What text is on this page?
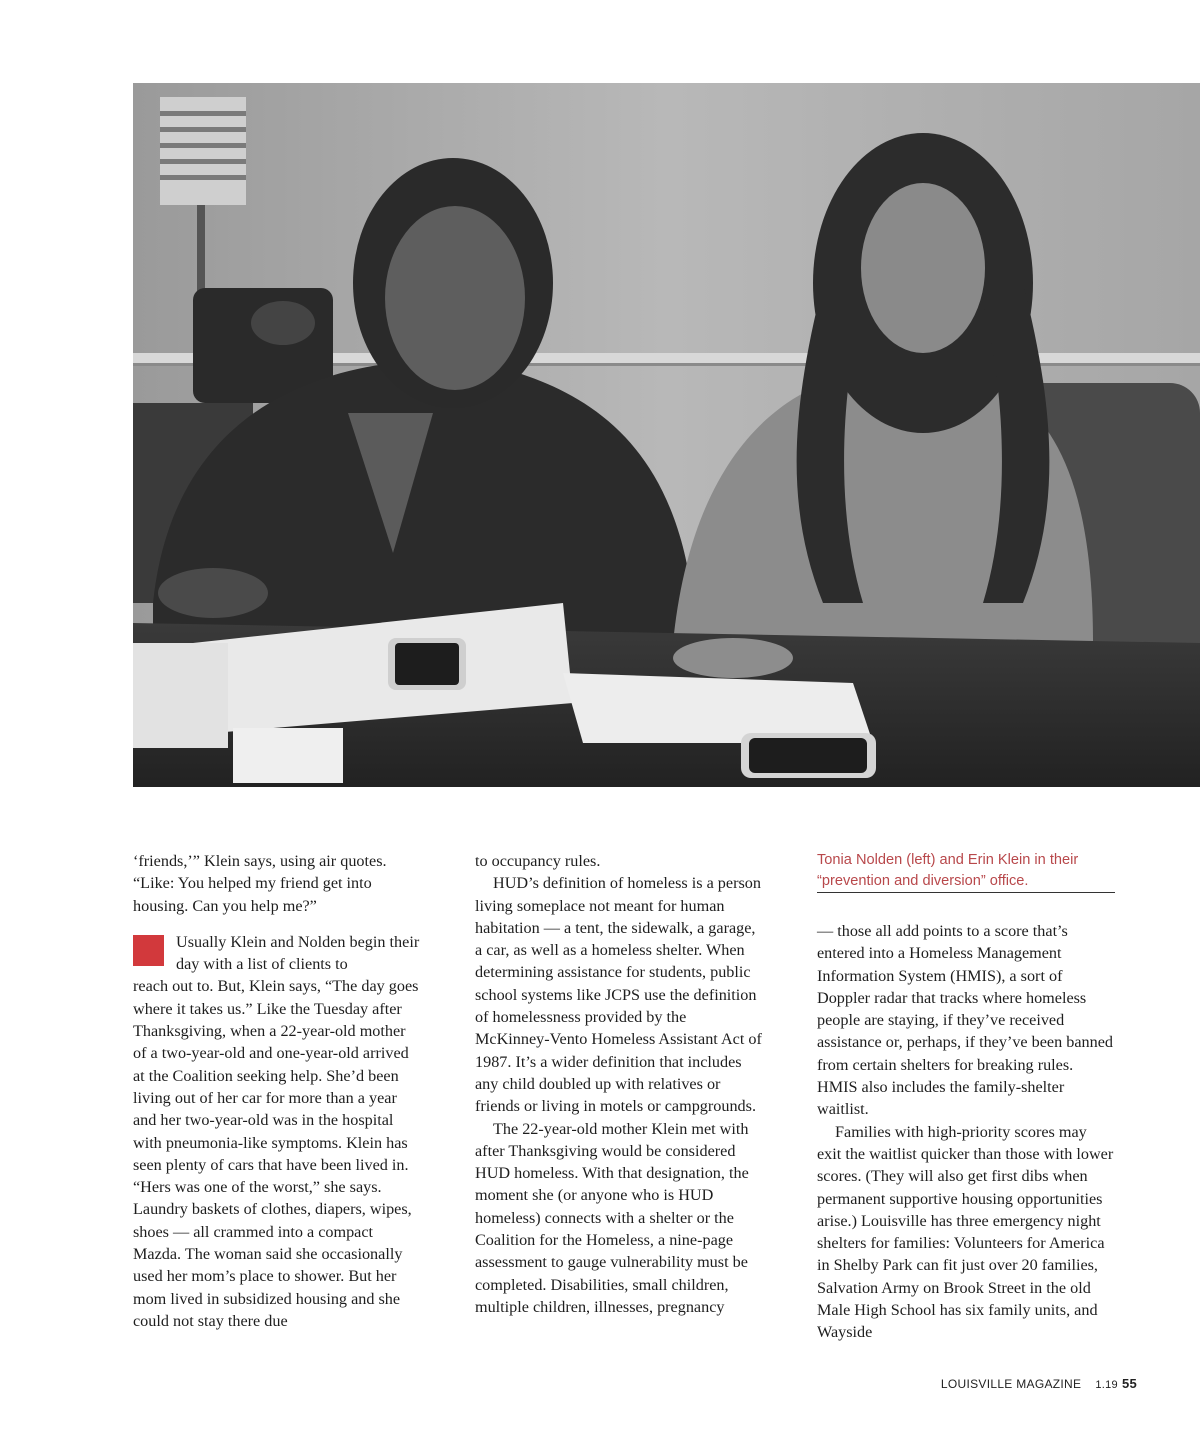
‘friends,’” Klein says, using air quotes. “Like: You helped my friend get into housing. Can you help me?”

Usually Klein and Nolden begin their day with a list of clients to

reach out to. But, Klein says, “The day goes where it takes us.” Like the Tuesday after Thanksgiving, when a 22-year-old mother of a two-year-old and one-year-old arrived at the Coalition seeking help. She’d been living out of her car for more than a year and her two-year-old was in the hospital with pneumonia-like symptoms. Klein has seen plenty of cars that have been lived in. “Hers was one of the worst,” she says. Laundry baskets of clothes, diapers, wipes, shoes — all crammed into a compact Mazda. The woman said she occasionally used her mom’s place to shower. But her mom lived in subsidized housing and she could not stay there due

to occupancy rules.

HUD’s definition of homeless is a person living someplace not meant for human habitation — a tent, the sidewalk, a garage, a car, as well as a homeless shelter. When determining assistance for students, public school systems like JCPS use the definition of homelessness provided by the McKinney-Vento Homeless Assistant Act of 1987. It’s a wider definition that includes any child doubled up with relatives or friends or living in motels or campgrounds.

The 22-year-old mother Klein met with after Thanksgiving would be considered HUD homeless. With that designation, the moment she (or anyone who is HUD homeless) connects with a shelter or the Coalition for the Homeless, a nine-page assessment to gauge vulnerability must be completed. Disabilities, small children, multiple children, illnesses, pregnancy

Tonia Nolden (left) and Erin Klein in their “prevention and diversion” office.

— those all add points to a score that’s entered into a Homeless Management Information System (HMIS), a sort of Doppler radar that tracks where homeless people are staying, if they’ve received assistance or, perhaps, if they’ve been banned from certain shelters for breaking rules. HMIS also includes the family-shelter waitlist.

Families with high-priority scores may exit the waitlist quicker than those with lower scores. (They will also get first dibs when permanent supportive housing opportunities arise.) Louisville has three emergency night shelters for families: Volunteers for America in Shelby Park can fit just over 20 families, Salvation Army on Brook Street in the old Male High School has six family units, and Wayside

LOUISVILLE MAGAZINE 1.19 55
